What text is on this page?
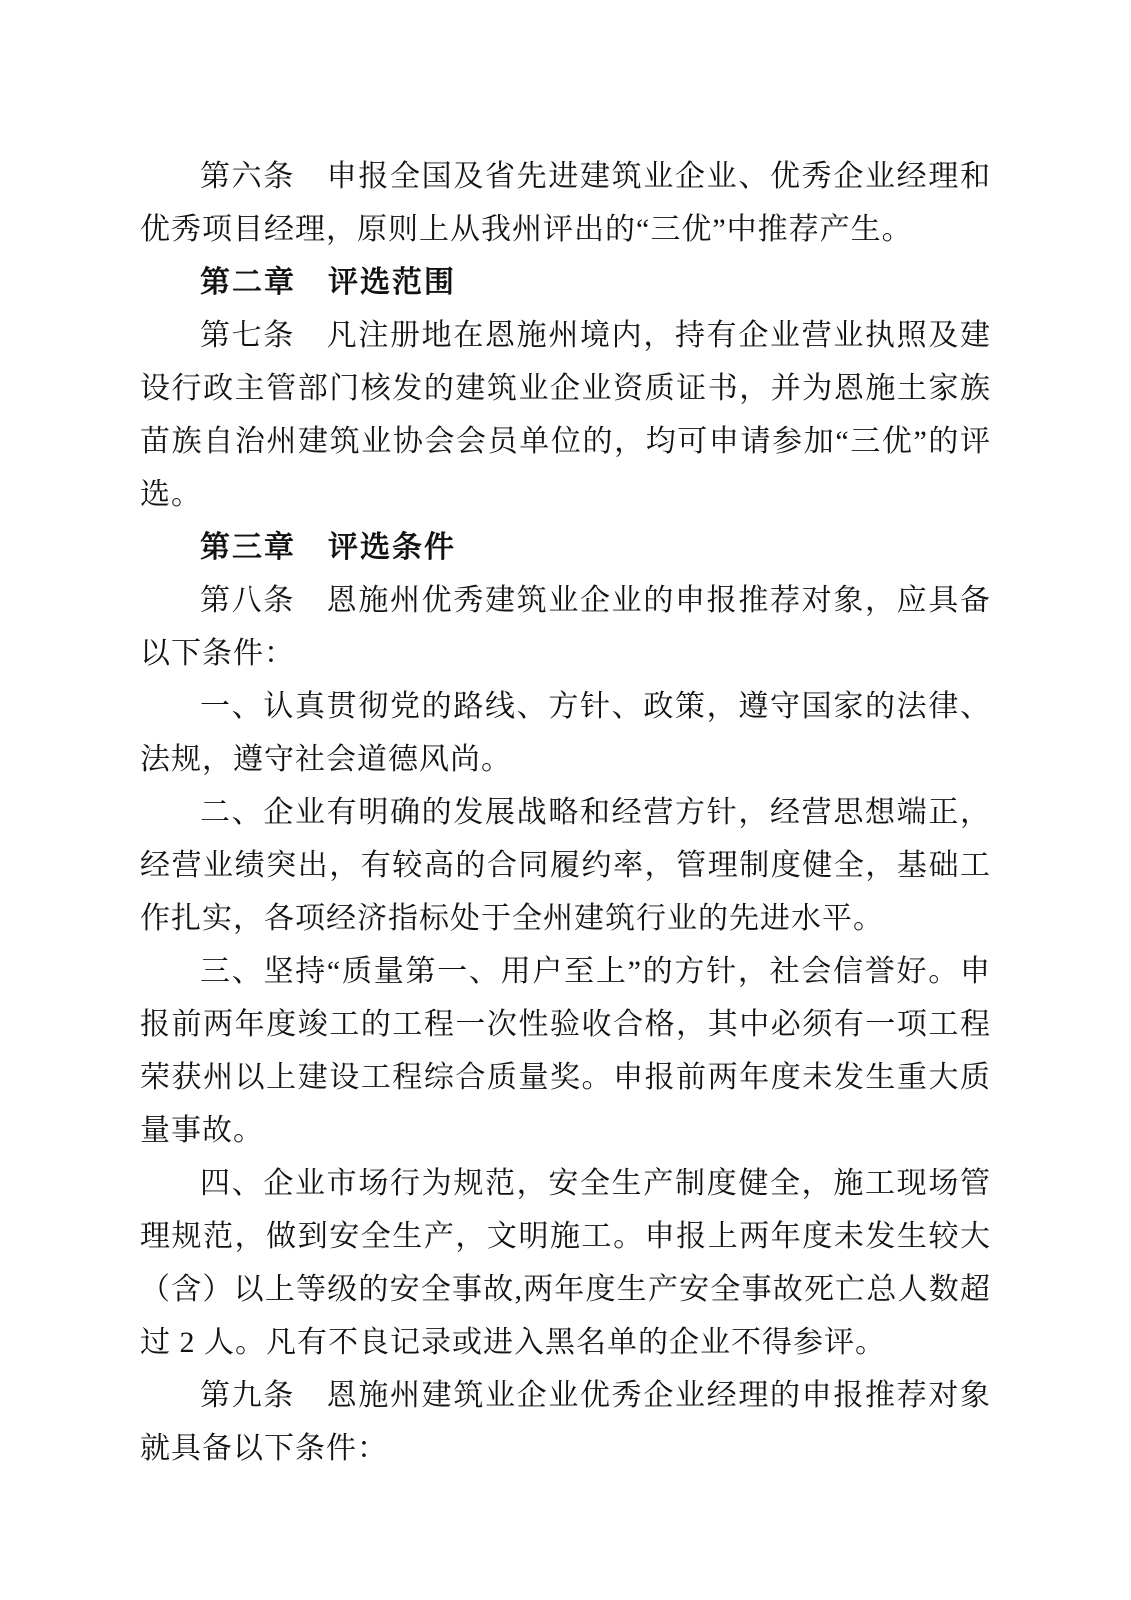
第六条　申报全国及省先进建筑业企业、优秀企业经理和优秀项目经理，原则上从我州评出的“三优”中推荐产生。

第二章　评选范围

第七条　凡注册地在恩施州境内，持有企业营业执照及建设行政主管部门核发的建筑业企业资质证书，并为恩施土家族苗族自治州建筑业协会会员单位的，均可申请参加“三优”的评选。

第三章　评选条件

第八条　恩施州优秀建筑业企业的申报推荐对象，应具备以下条件：

一、认真贯彻党的路线、方针、政策，遵守国家的法律、法规，遵守社会道德风尚。

二、企业有明确的发展战略和经营方针，经营思想端正，经营业绩突出，有较高的合同履约率，管理制度健全，基础工作扎实，各项经济指标处于全州建筑行业的先进水平。

三、坚持“质量第一、用户至上”的方针，社会信誉好。申报前两年度竣工的工程一次性验收合格，其中必须有一项工程荣获州以上建设工程综合质量奖。申报前两年度未发生重大质量事故。

四、企业市场行为规范，安全生产制度健全，施工现场管理规范，做到安全生产，文明施工。申报上两年度未发生较大（含）以上等级的安全事故,两年度生产安全事故死亡总人数超过 2 人。凡有不良记录或进入黑名单的企业不得参评。

第九条　恩施州建筑业企业优秀企业经理的申报推荐对象就具备以下条件：
